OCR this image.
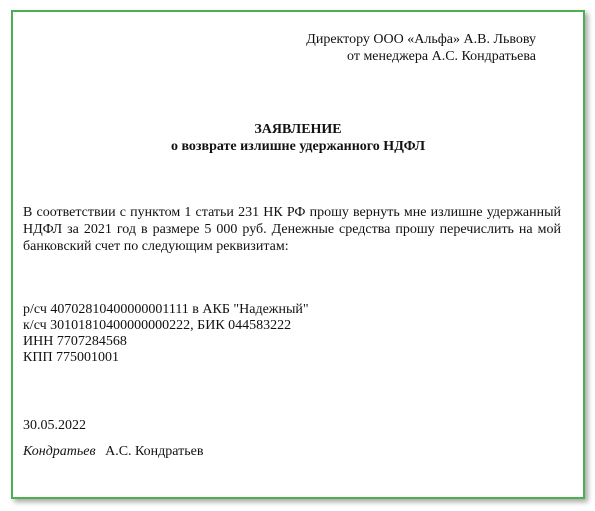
Директору ООО «Альфа» А.В. Львову
от менеджера А.С. Кондратьева
ЗАЯВЛЕНИЕ
о возврате излишне удержанного НДФЛ
В соответствии с пунктом 1 статьи 231 НК РФ прошу вернуть мне излишне удержанный НДФЛ за 2021 год в размере 5 000 руб. Денежные средства прошу перечислить на мой банковский счет по следующим реквизитам:
р/сч 40702810400000001111 в АКБ "Надежный"
к/сч 30101810400000000222, БИК 044583222
ИНН 7707284568
КПП 775001001
30.05.2022
Кондратьев А.С. Кондратьев
